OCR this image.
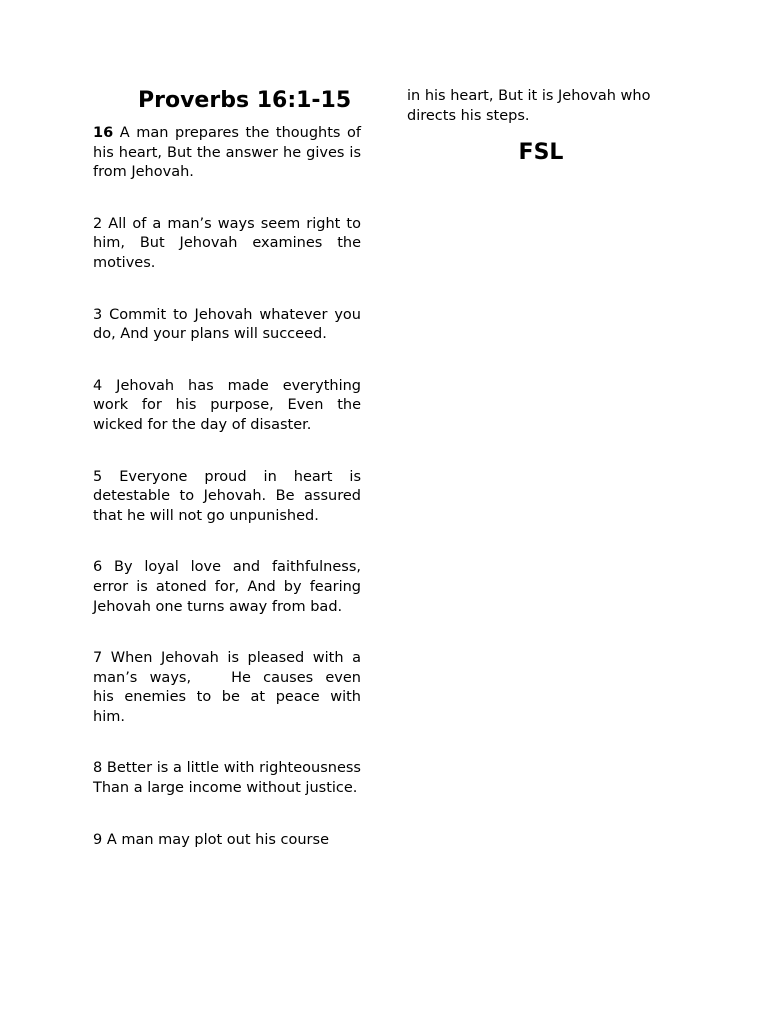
Proverbs 16:1-15

16 A man prepares the thoughts of his heart, But the answer he gives is from Jehovah.

2 All of a man’s ways seem right to him, But Jehovah examines the motives.

3 Commit to Jehovah whatever you do, And your plans will succeed.

4 Jehovah has made everything work for his purpose, Even the wicked for the day of disaster.

5 Everyone proud in heart is detestable to Jehovah. Be assured that he will not go unpunished.

6 By loyal love and faithfulness, error is atoned for, And by fearing Jehovah one turns away from bad.

7 When Jehovah is pleased with a man’s ways,	He causes even his enemies to be at peace with him.

8 Better is a little with righteousness Than a large income without justice.

9 A man may plot out his course

in his heart, But it is Jehovah who directs his steps.

FSL
